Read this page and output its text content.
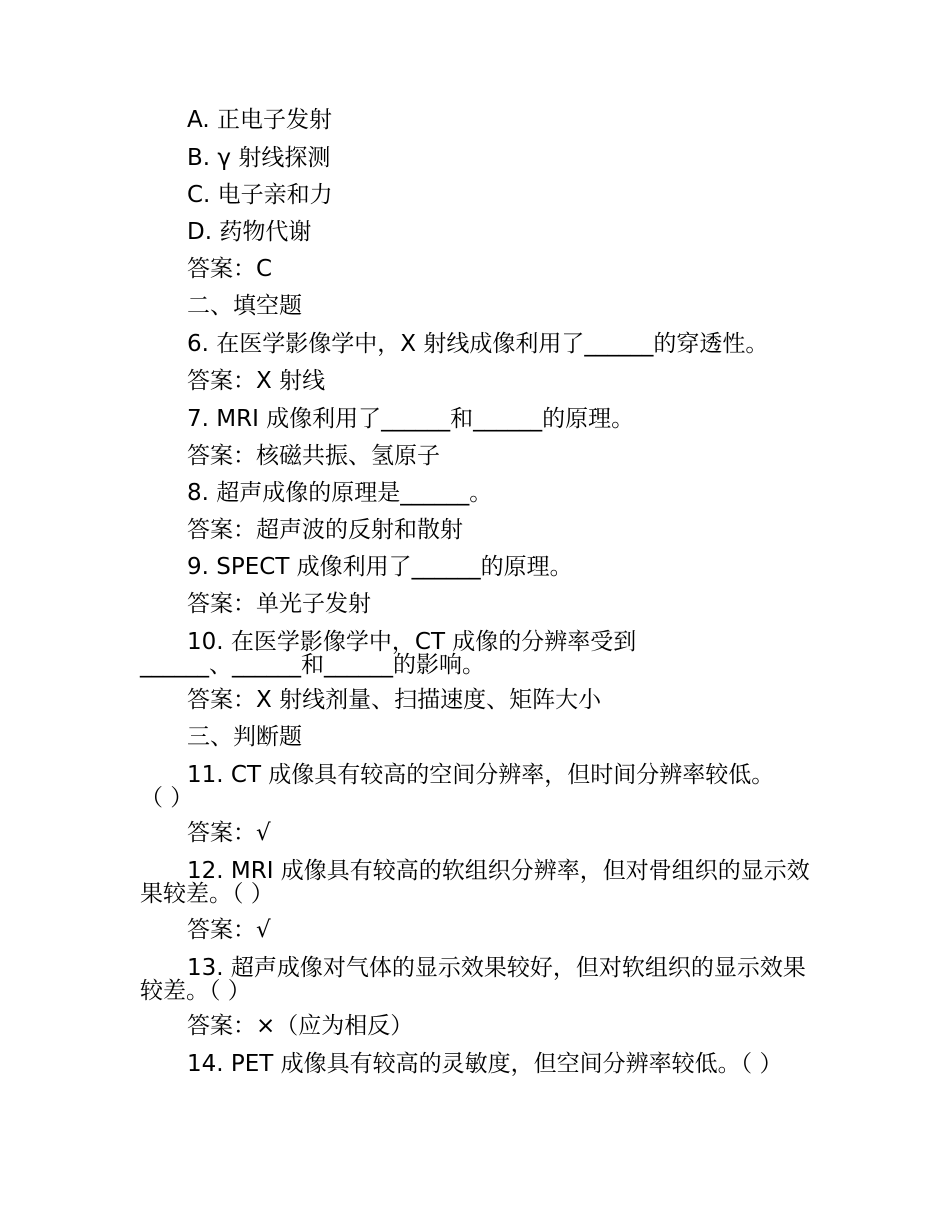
A. 正电子发射
B. γ 射线探测
C. 电子亲和力
D. 药物代谢
答案：C
二、填空题
6. 在医学影像学中，X 射线成像利用了______的穿透性。
答案：X 射线
7. MRI 成像利用了______和______的原理。
答案：核磁共振、氢原子
8. 超声成像的原理是______。
答案：超声波的反射和散射
9. SPECT 成像利用了______的原理。
答案：单光子发射
10. 在医学影像学中，CT 成像的分辨率受到______、______和______的影响。
答案：X 射线剂量、扫描速度、矩阵大小
三、判断题
11. CT 成像具有较高的空间分辨率，但时间分辨率较低。（ ）
答案：√
12. MRI 成像具有较高的软组织分辨率，但对骨组织的显示效果较差。（ ）
答案：√
13. 超声成像对气体的显示效果较好，但对软组织的显示效果较差。（ ）
答案：×（应为相反）
14. PET 成像具有较高的灵敏度，但空间分辨率较低。（ ）
